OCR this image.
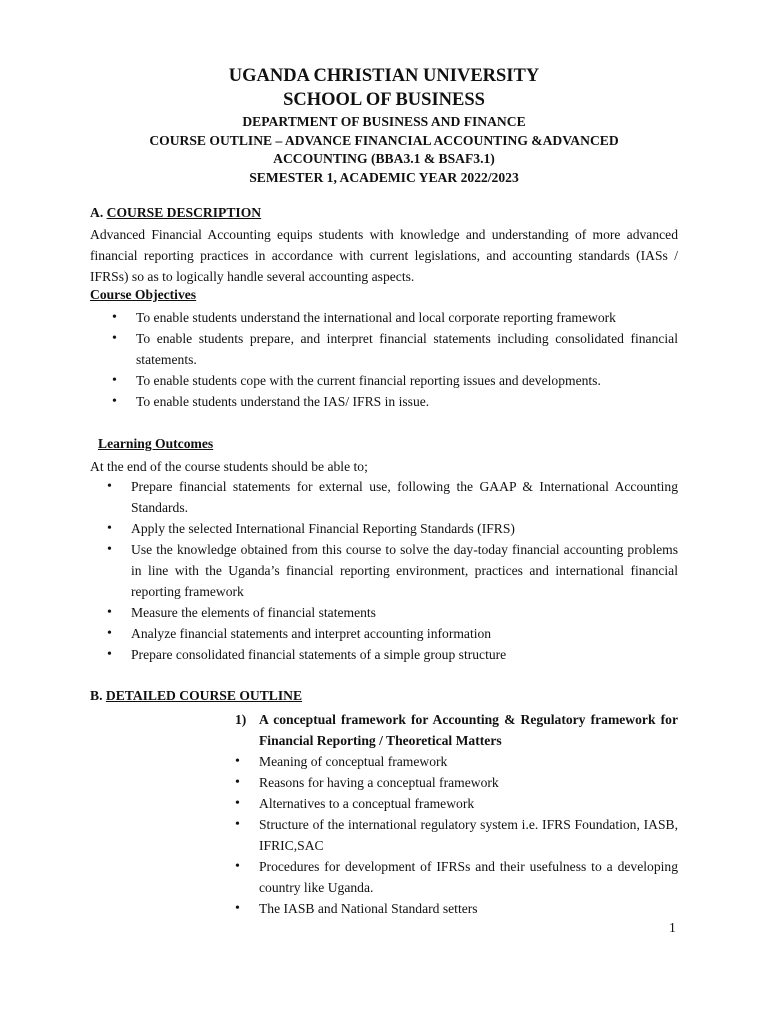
UGANDA CHRISTIAN UNIVERSITY
SCHOOL OF BUSINESS
DEPARTMENT OF BUSINESS AND FINANCE
COURSE OUTLINE – ADVANCE FINANCIAL ACCOUNTING &ADVANCED
ACCOUNTING (BBA3.1 & BSAF3.1)
SEMESTER 1, ACADEMIC YEAR 2022/2023
A. COURSE DESCRIPTION
Advanced Financial Accounting equips students with knowledge and understanding of more advanced financial reporting practices in accordance with current legislations, and accounting standards (IASs / IFRSs) so as to logically handle several accounting aspects.
Course Objectives
• To enable students understand the international and local corporate reporting framework
• To enable students prepare, and interpret financial statements including consolidated financial statements.
• To enable students cope with the current financial reporting issues and developments.
• To enable students understand the IAS/ IFRS in issue.
Learning Outcomes
At the end of the course students should be able to;
• Prepare financial statements for external use, following the GAAP & International Accounting Standards.
• Apply the selected International Financial Reporting Standards (IFRS)
• Use the knowledge obtained from this course to solve the day-today financial accounting problems in line with the Uganda’s financial reporting environment, practices and international financial reporting framework
• Measure the elements of financial statements
• Analyze financial statements and interpret accounting information
• Prepare consolidated financial statements of a simple group structure
B. DETAILED COURSE OUTLINE
1) A conceptual framework for Accounting & Regulatory framework for Financial Reporting / Theoretical Matters
• Meaning of conceptual framework
• Reasons for having a conceptual framework
• Alternatives to a conceptual framework
• Structure of the international regulatory system i.e. IFRS Foundation, IASB, IFRIC,SAC
• Procedures for development of IFRSs and their usefulness to a developing country like Uganda.
• The IASB and National Standard setters
1
